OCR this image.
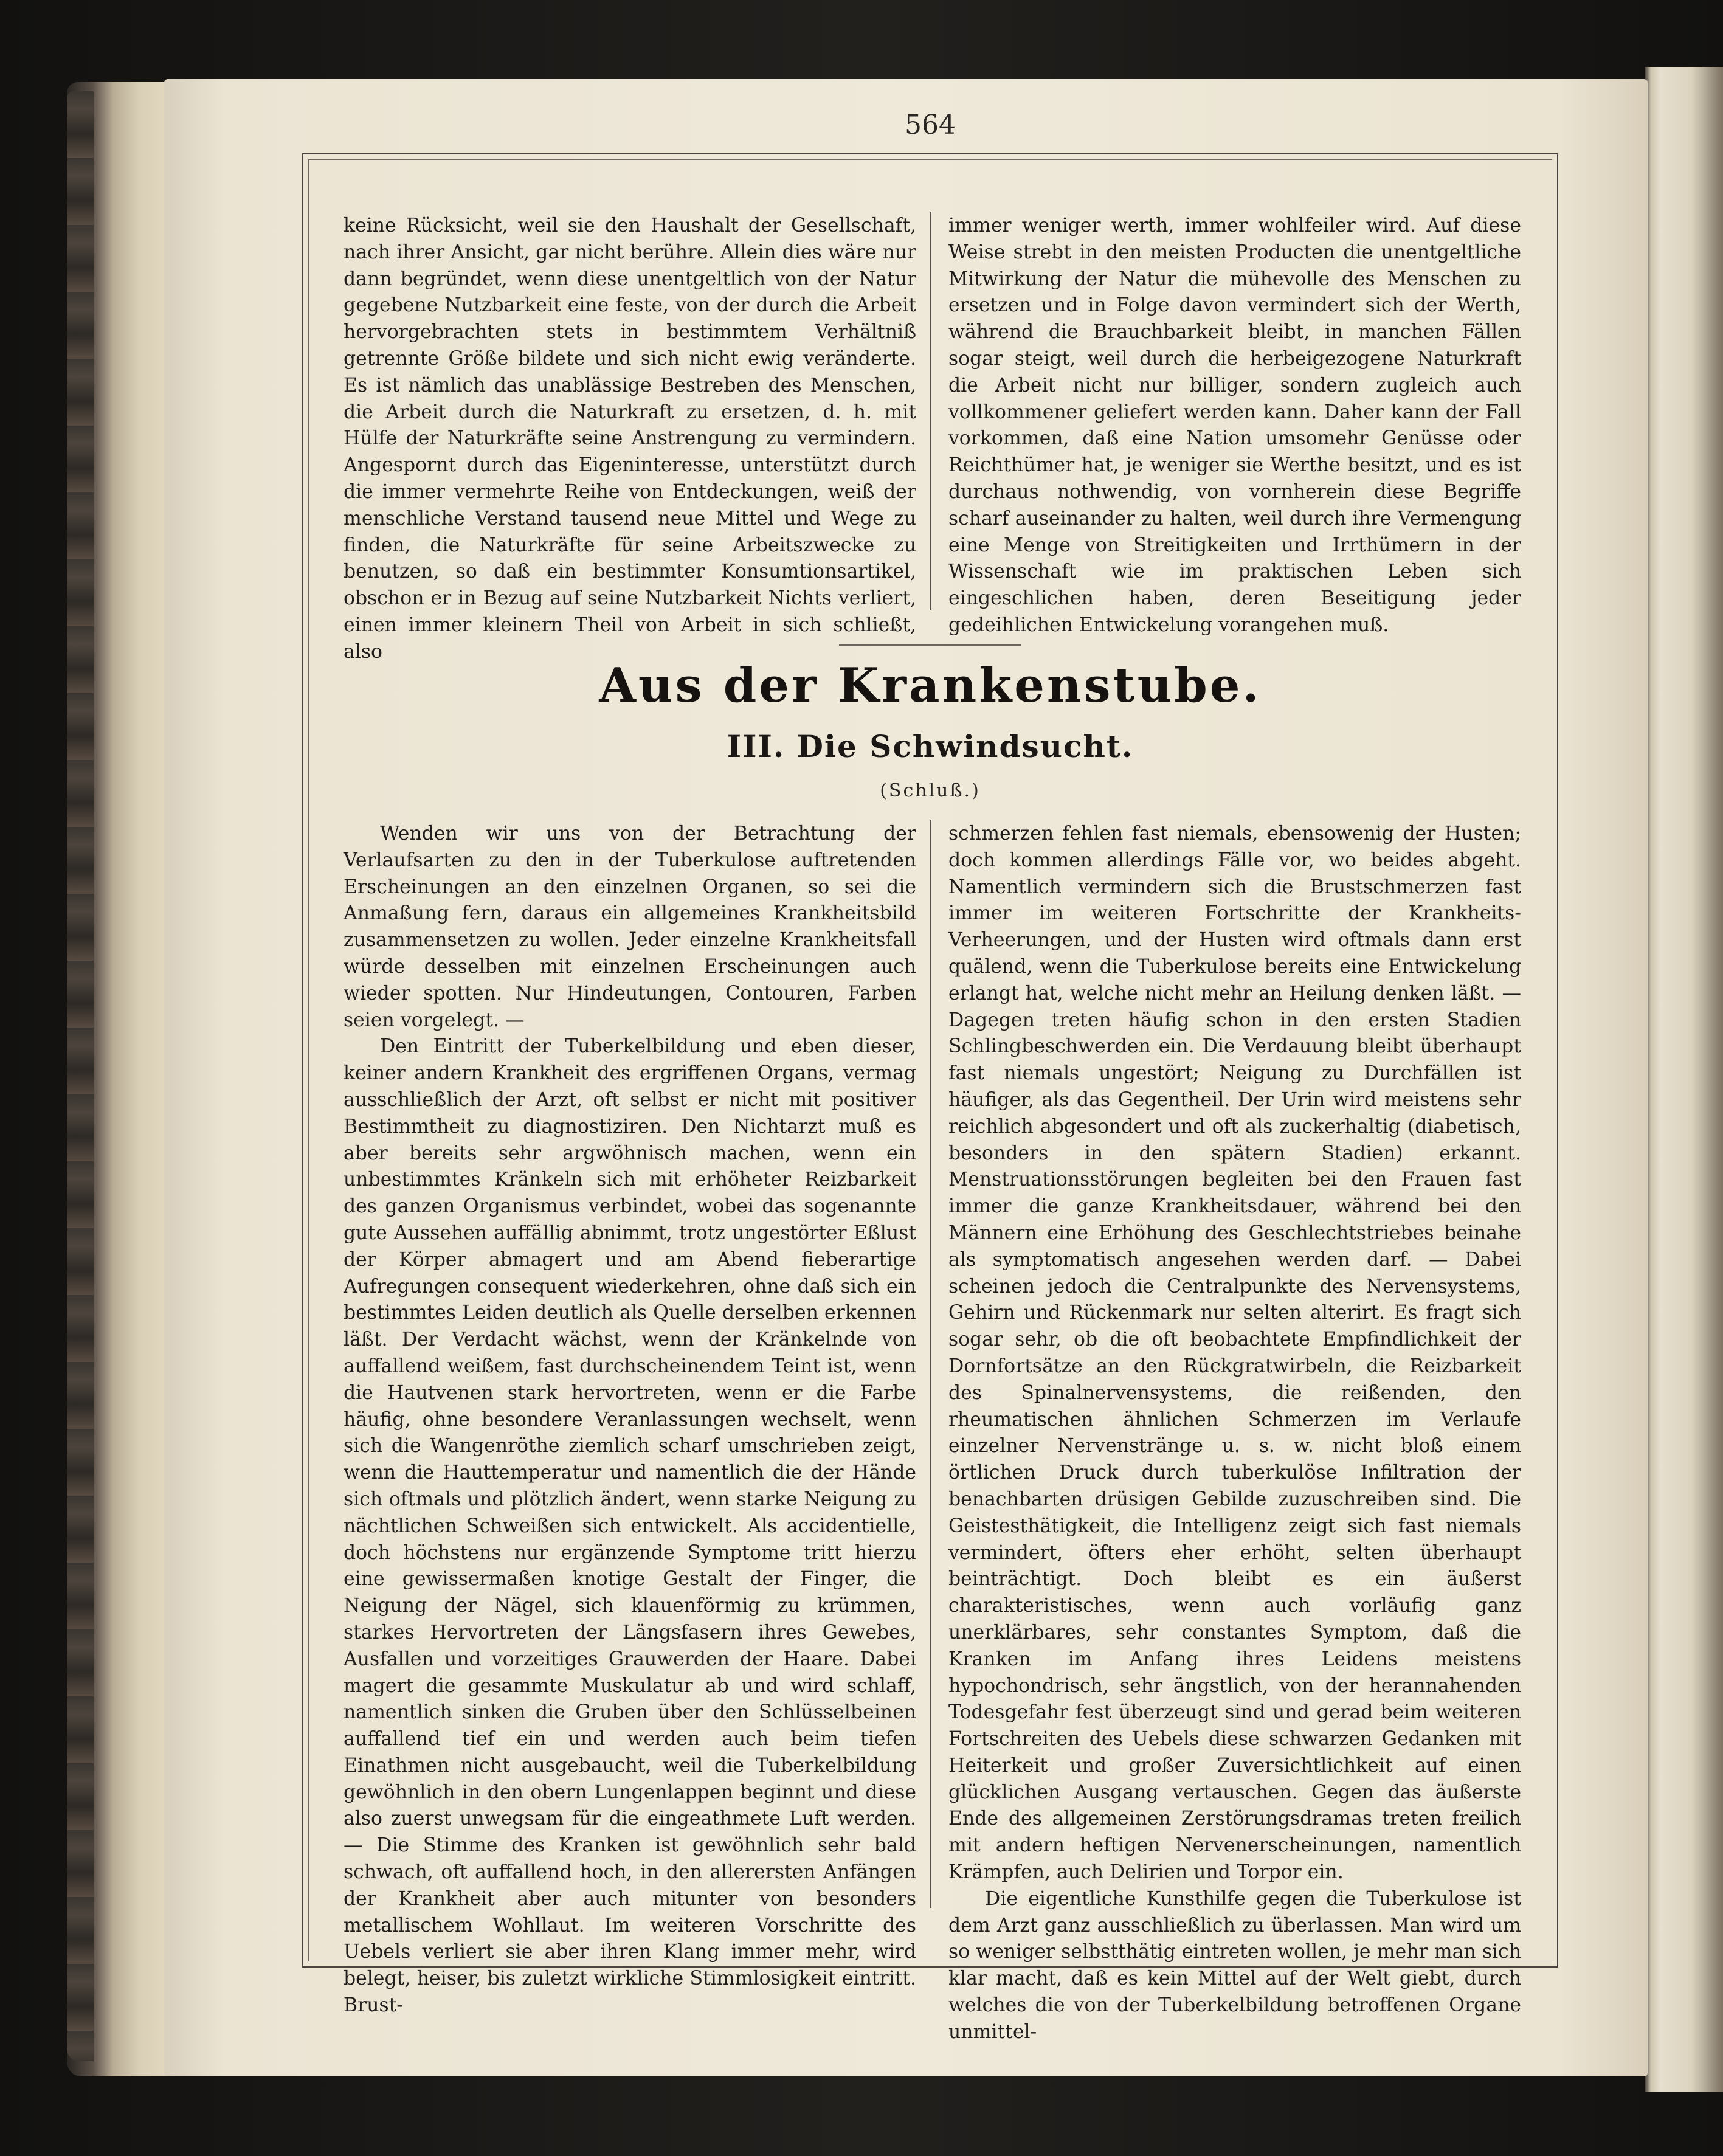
564

keine Rücksicht, weil sie den Haushalt der Gesellschaft, nach ihrer Ansicht, gar nicht berühre. Allein dies wäre nur dann begründet, wenn diese unentgeltlich von der Natur gegebene Nutzbarkeit eine feste, von der durch die Arbeit hervorgebrachten stets in bestimmtem Verhältniß getrennte Größe bildete und sich nicht ewig veränderte. Es ist nämlich das unablässige Bestreben des Menschen, die Arbeit durch die Naturkraft zu ersetzen, d. h. mit Hülfe der Naturkräfte seine Anstrengung zu vermindern. Angespornt durch das Eigeninteresse, unterstützt durch die immer vermehrte Reihe von Entdeckungen, weiß der menschliche Verstand tausend neue Mittel und Wege zu finden, die Naturkräfte für seine Arbeitszwecke zu benutzen, so daß ein bestimmter Konsumtionsartikel, obschon er in Bezug auf seine Nutzbarkeit Nichts verliert, einen immer kleinern Theil von Arbeit in sich schließt, also

immer weniger werth, immer wohlfeiler wird. Auf diese Weise strebt in den meisten Producten die unentgeltliche Mitwirkung der Natur die mühevolle des Menschen zu ersetzen und in Folge davon vermindert sich der Werth, während die Brauchbarkeit bleibt, in manchen Fällen sogar steigt, weil durch die herbeigezogene Naturkraft die Arbeit nicht nur billiger, sondern zugleich auch vollkommener geliefert werden kann. Daher kann der Fall vorkommen, daß eine Nation umsomehr Genüsse oder Reichthümer hat, je weniger sie Werthe besitzt, und es ist durchaus nothwendig, von vornherein diese Begriffe scharf auseinander zu halten, weil durch ihre Vermengung eine Menge von Streitigkeiten und Irrthümern in der Wissenschaft wie im praktischen Leben sich eingeschlichen haben, deren Beseitigung jeder gedeihlichen Entwickelung vorangehen muß.

Aus der Krankenstube.
III. Die Schwindsucht.
(Schluß.)

Wenden wir uns von der Betrachtung der Verlaufsarten zu den in der Tuberkulose auftretenden Erscheinungen an den einzelnen Organen, so sei die Anmaßung fern, daraus ein allgemeines Krankheitsbild zusammensetzen zu wollen. Jeder einzelne Krankheitsfall würde desselben mit einzelnen Erscheinungen auch wieder spotten. Nur Hindeutungen, Contouren, Farben seien vorgelegt. —

Den Eintritt der Tuberkelbildung und eben dieser, keiner andern Krankheit des ergriffenen Organs, vermag ausschließlich der Arzt, oft selbst er nicht mit positiver Bestimmtheit zu diagnostiziren. Den Nichtarzt muß es aber bereits sehr argwöhnisch machen, wenn ein unbestimmtes Kränkeln sich mit erhöheter Reizbarkeit des ganzen Organismus verbindet, wobei das sogenannte gute Aussehen auffällig abnimmt, trotz ungestörter Eßlust der Körper abmagert und am Abend fieberartige Aufregungen consequent wiederkehren, ohne daß sich ein bestimmtes Leiden deutlich als Quelle derselben erkennen läßt. Der Verdacht wächst, wenn der Kränkelnde von auffallend weißem, fast durchscheinendem Teint ist, wenn die Hautvenen stark hervortreten, wenn er die Farbe häufig, ohne besondere Veranlassungen wechselt, wenn sich die Wangenröthe ziemlich scharf umschrieben zeigt, wenn die Hauttemperatur und namentlich die der Hände sich oftmals und plötzlich ändert, wenn starke Neigung zu nächtlichen Schweißen sich entwickelt. Als accidentielle, doch höchstens nur ergänzende Symptome tritt hierzu eine gewissermaßen knotige Gestalt der Finger, die Neigung der Nägel, sich klauenförmig zu krümmen, starkes Hervortreten der Längsfasern ihres Gewebes, Ausfallen und vorzeitiges Grauwerden der Haare. Dabei magert die gesammte Muskulatur ab und wird schlaff, namentlich sinken die Gruben über den Schlüsselbeinen auffallend tief ein und werden auch beim tiefen Einathmen nicht ausgebaucht, weil die Tuberkelbildung gewöhnlich in den obern Lungenlappen beginnt und diese also zuerst unwegsam für die eingeathmete Luft werden. — Die Stimme des Kranken ist gewöhnlich sehr bald schwach, oft auffallend hoch, in den allerersten Anfängen der Krankheit aber auch mitunter von besonders metallischem Wohllaut. Im weiteren Vorschritte des Uebels verliert sie aber ihren Klang immer mehr, wird belegt, heiser, bis zuletzt wirkliche Stimmlosigkeit eintritt. Brust-

schmerzen fehlen fast niemals, ebensowenig der Husten; doch kommen allerdings Fälle vor, wo beides abgeht. Namentlich vermindern sich die Brustschmerzen fast immer im weiteren Fortschritte der Krankheits-Verheerungen, und der Husten wird oftmals dann erst quälend, wenn die Tuberkulose bereits eine Entwickelung erlangt hat, welche nicht mehr an Heilung denken läßt. — Dagegen treten häufig schon in den ersten Stadien Schlingbeschwerden ein. Die Verdauung bleibt überhaupt fast niemals ungestört; Neigung zu Durchfällen ist häufiger, als das Gegentheil. Der Urin wird meistens sehr reichlich abgesondert und oft als zuckerhaltig (diabetisch, besonders in den spätern Stadien) erkannt. Menstruationsstörungen begleiten bei den Frauen fast immer die ganze Krankheitsdauer, während bei den Männern eine Erhöhung des Geschlechtstriebes beinahe als symptomatisch angesehen werden darf. — Dabei scheinen jedoch die Centralpunkte des Nervensystems, Gehirn und Rückenmark nur selten alterirt. Es fragt sich sogar sehr, ob die oft beobachtete Empfindlichkeit der Dornfortsätze an den Rückgratwirbeln, die Reizbarkeit des Spinalnervensystems, die reißenden, den rheumatischen ähnlichen Schmerzen im Verlaufe einzelner Nervenstränge u. s. w. nicht bloß einem örtlichen Druck durch tuberkulöse Infiltration der benachbarten drüsigen Gebilde zuzuschreiben sind. Die Geistesthätigkeit, die Intelligenz zeigt sich fast niemals vermindert, öfters eher erhöht, selten überhaupt beinträchtigt. Doch bleibt es ein äußerst charakteristisches, wenn auch vorläufig ganz unerklärbares, sehr constantes Symptom, daß die Kranken im Anfang ihres Leidens meistens hypochondrisch, sehr ängstlich, von der herannahenden Todesgefahr fest überzeugt sind und gerad beim weiteren Fortschreiten des Uebels diese schwarzen Gedanken mit Heiterkeit und großer Zuversichtlichkeit auf einen glücklichen Ausgang vertauschen. Gegen das äußerste Ende des allgemeinen Zerstörungsdramas treten freilich mit andern heftigen Nervenerscheinungen, namentlich Krämpfen, auch Delirien und Torpor ein.

Die eigentliche Kunsthilfe gegen die Tuberkulose ist dem Arzt ganz ausschließlich zu überlassen. Man wird um so weniger selbstthätig eintreten wollen, je mehr man sich klar macht, daß es kein Mittel auf der Welt giebt, durch welches die von der Tuberkelbildung betroffenen Organe unmittel-
